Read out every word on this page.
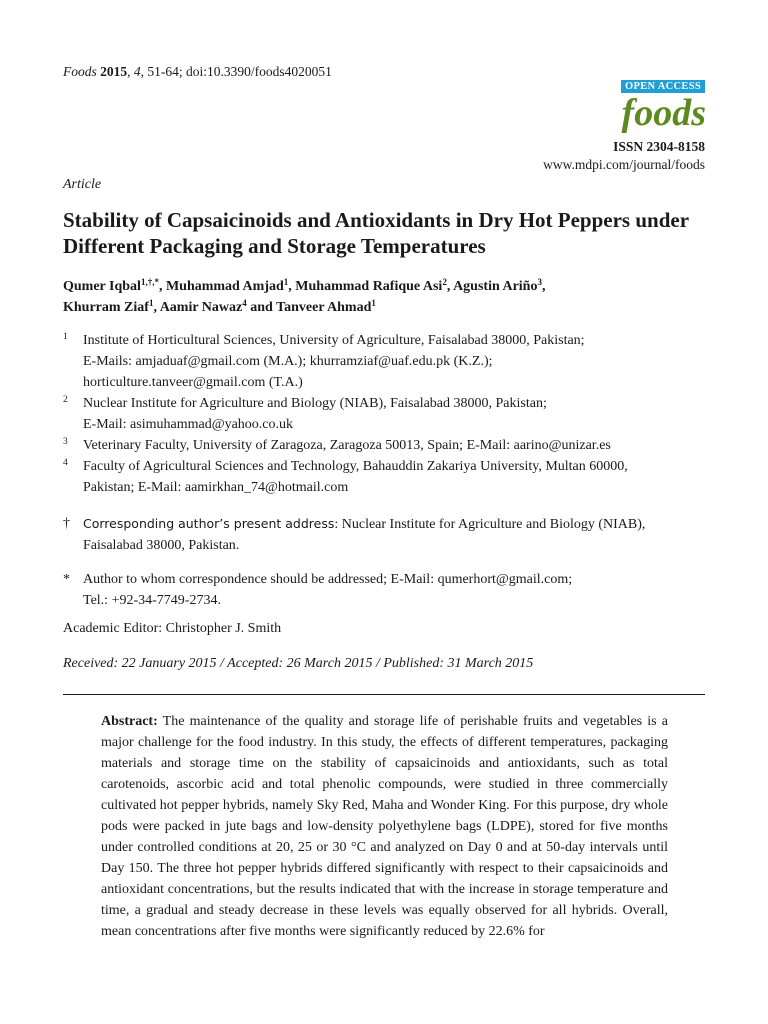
Foods 2015, 4, 51-64; doi:10.3390/foods4020051
OPEN ACCESS
foods
ISSN 2304-8158
www.mdpi.com/journal/foods
Article
Stability of Capsaicinoids and Antioxidants in Dry Hot Peppers under Different Packaging and Storage Temperatures
Qumer Iqbal$^{1,\dagger,*}$, Muhammad Amjad$^1$, Muhammad Rafique Asi$^2$, Agustin Ariño$^3$,
Khurram Ziaf$^1$, Aamir Nawaz$^4$ and Tanveer Ahmad$^1$
1 Institute of Horticultural Sciences, University of Agriculture, Faisalabad 38000, Pakistan;
E-Mails: amjaduaf@gmail.com (M.A.); khurramziaf@uaf.edu.pk (K.Z.);
horticulture.tanveer@gmail.com (T.A.)
2 Nuclear Institute for Agriculture and Biology (NIAB), Faisalabad 38000, Pakistan;
E-Mail: asimuhammad@yahoo.co.uk
3 Veterinary Faculty, University of Zaragoza, Zaragoza 50013, Spain; E-Mail: aarino@unizar.es
4 Faculty of Agricultural Sciences and Technology, Bahauddin Zakariya University, Multan 60000,
Pakistan; E-Mail: aamirkhan_74@hotmail.com
† Corresponding author’s present address: Nuclear Institute for Agriculture and Biology (NIAB),
Faisalabad 38000, Pakistan.
* Author to whom correspondence should be addressed; E-Mail: qumerhort@gmail.com;
Tel.: +92-34-7749-2734.
Academic Editor: Christopher J. Smith
Received: 22 January 2015 / Accepted: 26 March 2015 / Published: 31 March 2015
Abstract: The maintenance of the quality and storage life of perishable fruits and vegetables is a major challenge for the food industry. In this study, the effects of different temperatures, packaging materials and storage time on the stability of capsaicinoids and antioxidants, such as total carotenoids, ascorbic acid and total phenolic compounds, were studied in three commercially cultivated hot pepper hybrids, namely Sky Red, Maha and Wonder King. For this purpose, dry whole pods were packed in jute bags and low-density polyethylene bags (LDPE), stored for five months under controlled conditions at 20, 25 or 30 °C and analyzed on Day 0 and at 50-day intervals until Day 150. The three hot pepper hybrids differed significantly with respect to their capsaicinoids and antioxidant concentrations, but the results indicated that with the increase in storage temperature and time, a gradual and steady decrease in these levels was equally observed for all hybrids. Overall, mean concentrations after five months were significantly reduced by 22.6% for
